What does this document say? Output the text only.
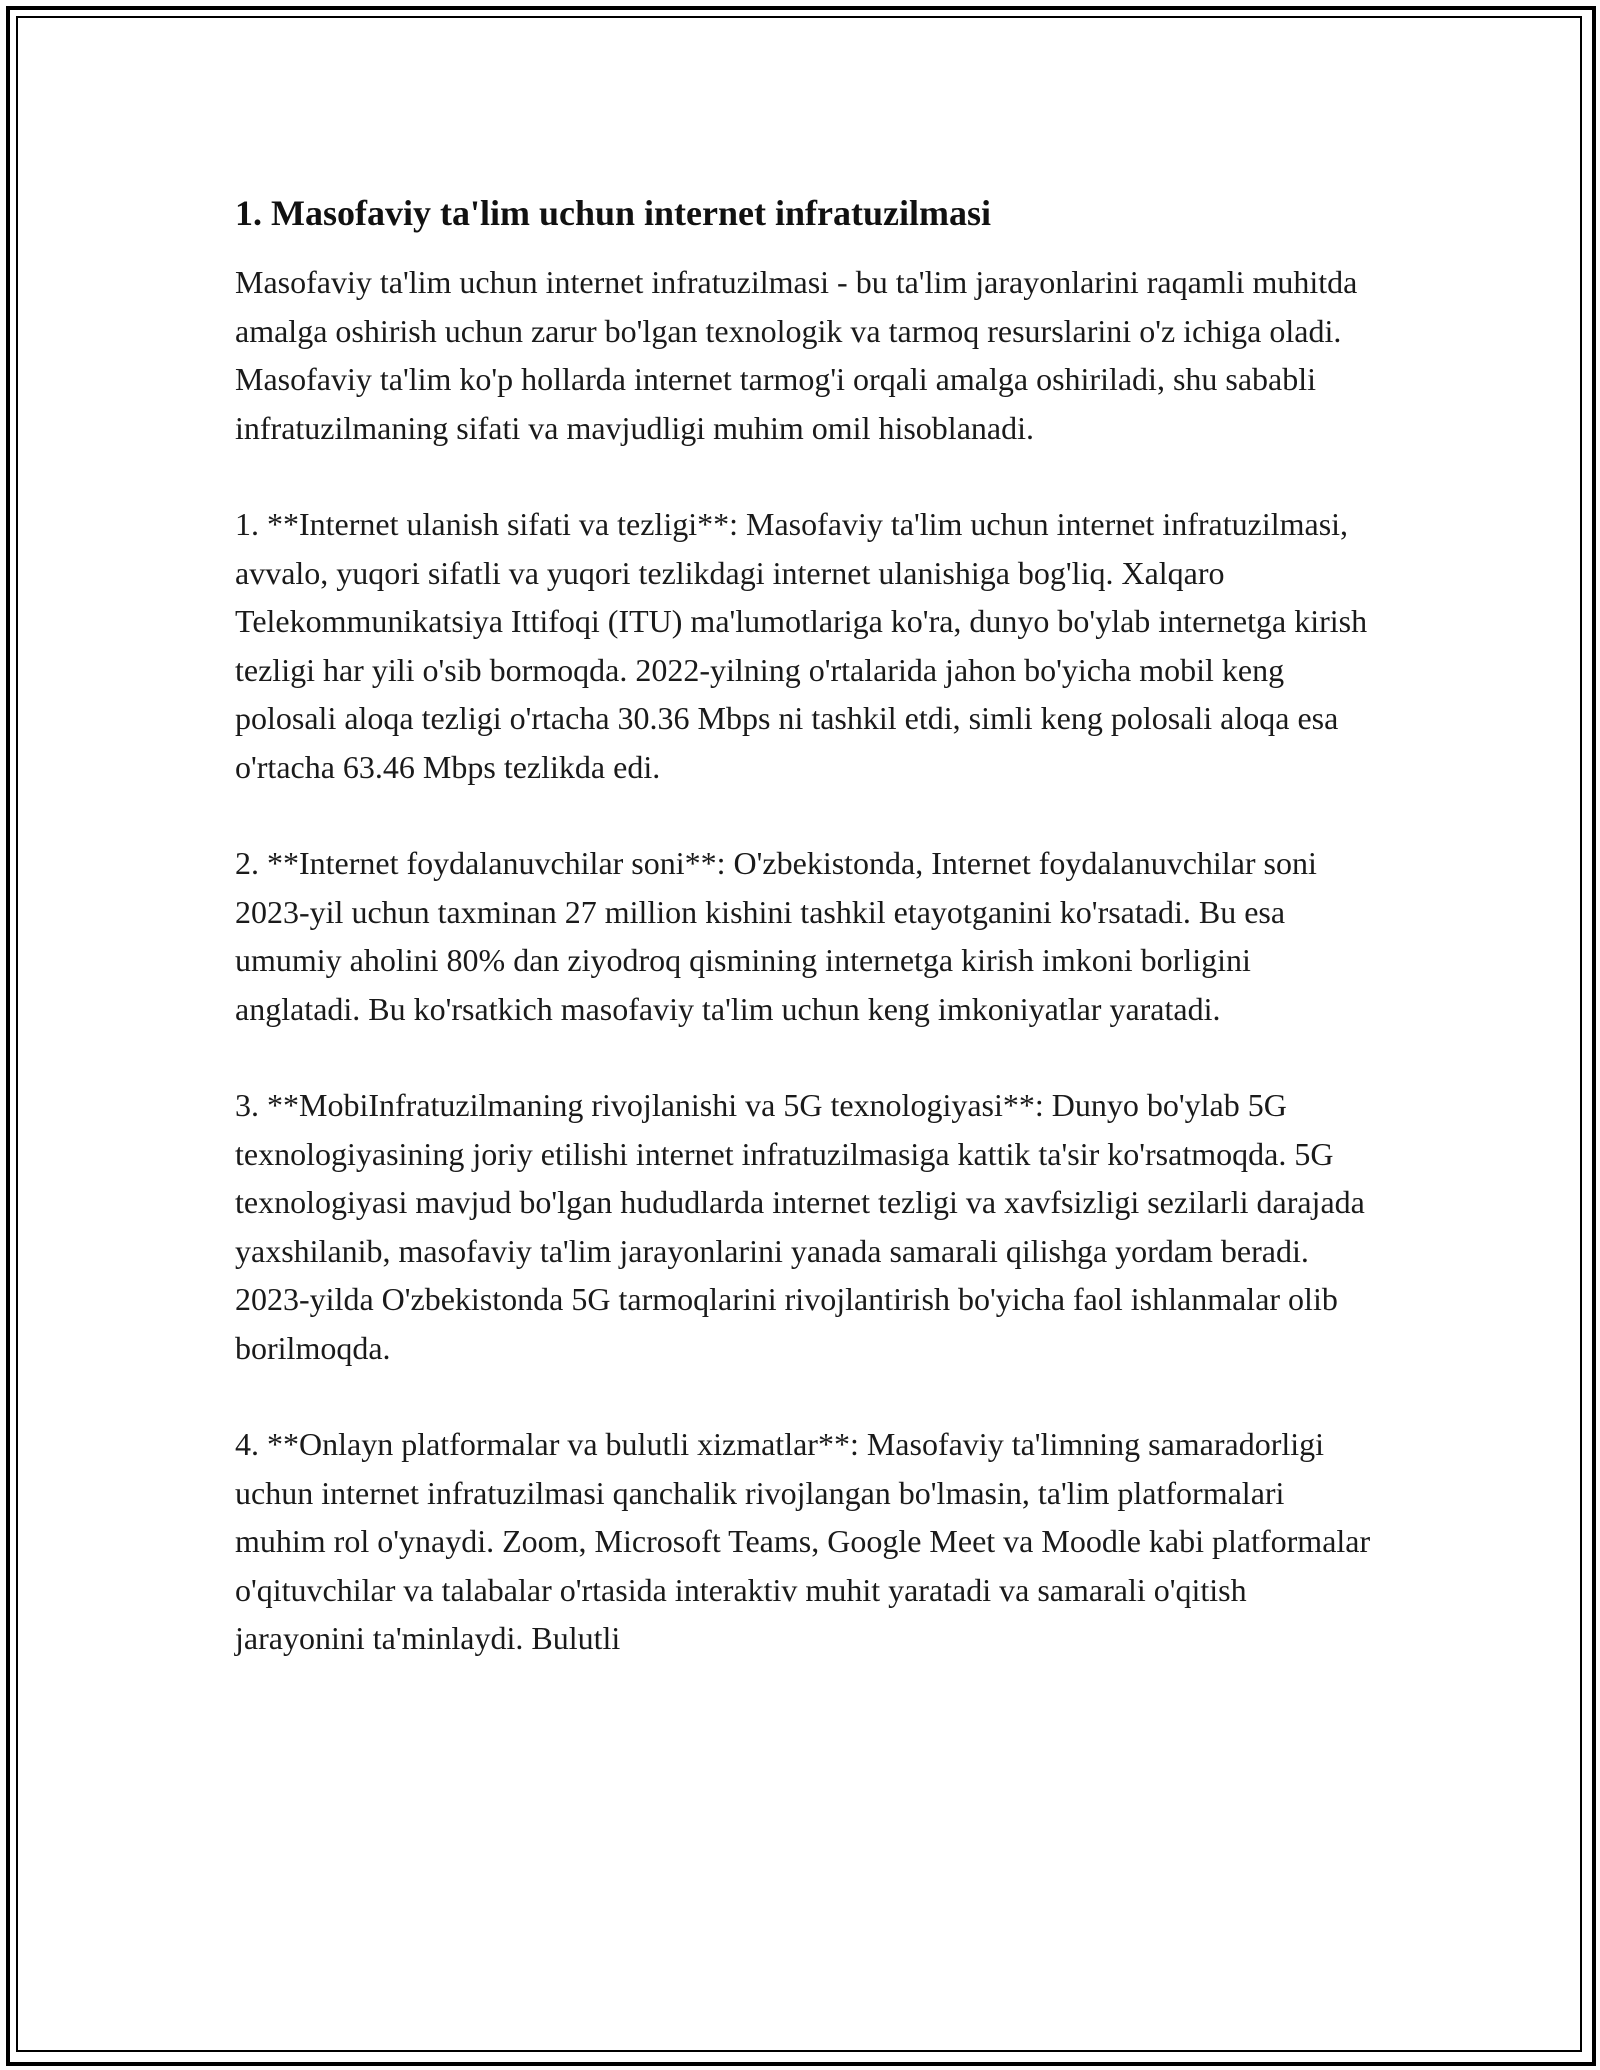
1. Masofaviy ta'lim uchun internet infratuzilmasi

Masofaviy ta'lim uchun internet infratuzilmasi - bu ta'lim jarayonlarini raqamli muhitda amalga oshirish uchun zarur bo'lgan texnologik va tarmoq resurslarini o'z ichiga oladi. Masofaviy ta'lim ko'p hollarda internet tarmog'i orqali amalga oshiriladi, shu sababli infratuzilmaning sifati va mavjudligi muhim omil hisoblanadi.

1. **Internet ulanish sifati va tezligi**: Masofaviy ta'lim uchun internet infratuzilmasi, avvalo, yuqori sifatli va yuqori tezlikdagi internet ulanishiga bog'liq. Xalqaro Telekommunikatsiya Ittifoqi (ITU) ma'lumotlariga ko'ra, dunyo bo'ylab internetga kirish tezligi har yili o'sib bormoqda. 2022-yilning o'rtalarida jahon bo'yicha mobil keng polosali aloqa tezligi o'rtacha 30.36 Mbps ni tashkil etdi, simli keng polosali aloqa esa o'rtacha 63.46 Mbps tezlikda edi.

2. **Internet foydalanuvchilar soni**: O'zbekistonda, Internet foydalanuvchilar soni 2023-yil uchun taxminan 27 million kishini tashkil etayotganini ko'rsatadi. Bu esa umumiy aholini 80% dan ziyodroq qismining internetga kirish imkoni borligini anglatadi. Bu ko'rsatkich masofaviy ta'lim uchun keng imkoniyatlar yaratadi.

3. **MobiInfratuzilmaning rivojlanishi va 5G texnologiyasi**: Dunyo bo'ylab 5G texnologiyasining joriy etilishi internet infratuzilmasiga kattik ta'sir ko'rsatmoqda. 5G texnologiyasi mavjud bo'lgan hududlarda internet tezligi va xavfsizligi sezilarli darajada yaxshilanib, masofaviy ta'lim jarayonlarini yanada samarali qilishga yordam beradi. 2023-yilda O'zbekistonda 5G tarmoqlarini rivojlantirish bo'yicha faol ishlanmalar olib borilmoqda.

4. **Onlayn platformalar va bulutli xizmatlar**: Masofaviy ta'limning samaradorligi uchun internet infratuzilmasi qanchalik rivojlangan bo'lmasin, ta'lim platformalari muhim rol o'ynaydi. Zoom, Microsoft Teams, Google Meet va Moodle kabi platformalar o'qituvchilar va talabalar o'rtasida interaktiv muhit yaratadi va samarali o'qitish jarayonini ta'minlaydi. Bulutli
